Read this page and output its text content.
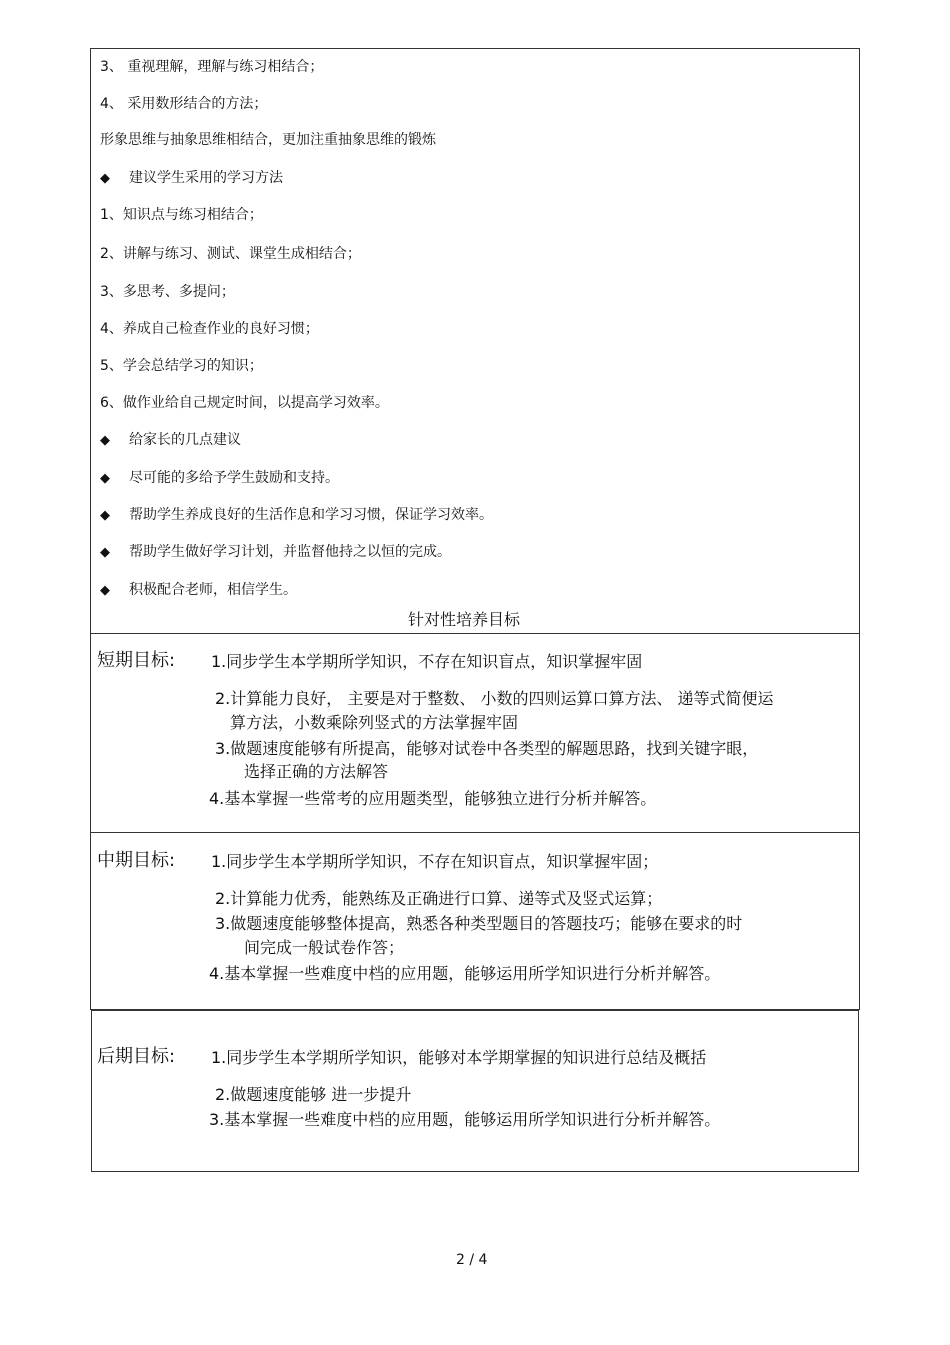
3、 重视理解，理解与练习相结合；
4、 采用数形结合的方法；
形象思维与抽象思维相结合，更加注重抽象思维的锻炼
◆ 建议学生采用的学习方法
1、知识点与练习相结合；
2、讲解与练习、测试、课堂生成相结合；
3、多思考、多提问；
4、养成自己检查作业的良好习惯；
5、学会总结学习的知识；
6、做作业给自己规定时间，以提高学习效率。
◆ 给家长的几点建议
◆ 尽可能的多给予学生鼓励和支持。
◆ 帮助学生养成良好的生活作息和学习习惯，保证学习效率。
◆ 帮助学生做好学习计划，并监督他持之以恒的完成。
◆ 积极配合老师，相信学生。
针对性培养目标
短期目标: 1.同步学生本学期所学知识，不存在知识盲点，知识掌握牢固
2.计算能力良好， 主要是对于整数、 小数的四则运算口算方法、 递等式简便运
算方法，小数乘除列竖式的方法掌握牢固
3.做题速度能够有所提高，能够对试卷中各类型的解题思路，找到关键字眼，
选择正确的方法解答
4.基本掌握一些常考的应用题类型，能够独立进行分析并解答。
中期目标: 1.同步学生本学期所学知识，不存在知识盲点，知识掌握牢固；
2.计算能力优秀，能熟练及正确进行口算、递等式及竖式运算；
3.做题速度能够整体提高，熟悉各种类型题目的答题技巧；能够在要求的时
间完成一般试卷作答；
4.基本掌握一些难度中档的应用题，能够运用所学知识进行分析并解答。
后期目标: 1.同步学生本学期所学知识，能够对本学期掌握的知识进行总结及概括
2.做题速度能够 进一步提升
3.基本掌握一些难度中档的应用题，能够运用所学知识进行分析并解答。
2 / 4
